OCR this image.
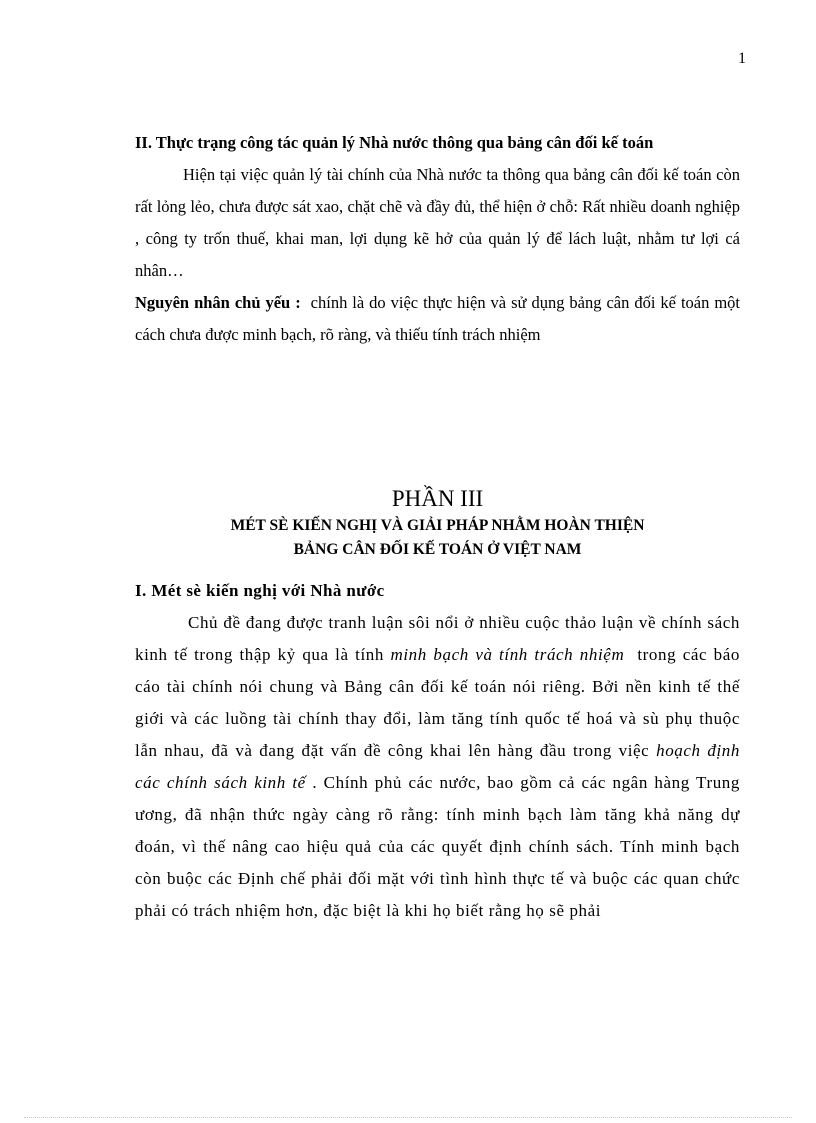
1
II. Thực trạng công tác quản lý Nhà nước thông qua bảng cân đối kế toán

Hiện tại việc quản lý tài chính của Nhà nước ta thông qua bảng cân đối kế toán còn rất lỏng lẻo, chưa được sát xao, chặt chẽ và đầy đủ, thể hiện ở chỗ: Rất nhiều doanh nghiệp , công ty trốn thuế, khai man, lợi dụng kẽ hở của quản lý để lách luật, nhằm tư lợi cá nhân…

Nguyên nhân chủ yếu : chính là do việc thực hiện và sử dụng bảng cân đối kế toán một cách chưa được minh bạch, rõ ràng, và thiếu tính trách nhiệm

PHẦN III
MÉT SÈ KIẾN NGHỊ VÀ GIẢI PHÁP NHẰM HOÀN THIỆN
BẢNG CÂN ĐỐI KẾ TOÁN Ở VIỆT NAM
I. Mét sè kiến nghị với Nhà nước

Chủ đề đang được tranh luận sôi nổi ở nhiều cuộc thảo luận về chính sách kinh tế trong thập kỷ qua là tính minh bạch và tính trách nhiệm trong các báo cáo tài chính nói chung và Bảng cân đối kế toán nói riêng. Bởi nền kinh tế thế giới và các luồng tài chính thay đổi, làm tăng tính quốc tế hoá và sù phụ thuộc lẫn nhau, đã và đang đặt vấn đề công khai lên hàng đầu trong việc hoạch định các chính sách kinh tế . Chính phủ các nước, bao gồm cả các ngân hàng Trung ương, đã nhận thức ngày càng rõ rằng: tính minh bạch làm tăng khả năng dự đoán, vì thế nâng cao hiệu quả của các quyết định chính sách. Tính minh bạch còn buộc các Định chế phải đối mặt với tình hình thực tế và buộc các quan chức phải có trách nhiệm hơn, đặc biệt là khi họ biết rằng họ sẽ phải
